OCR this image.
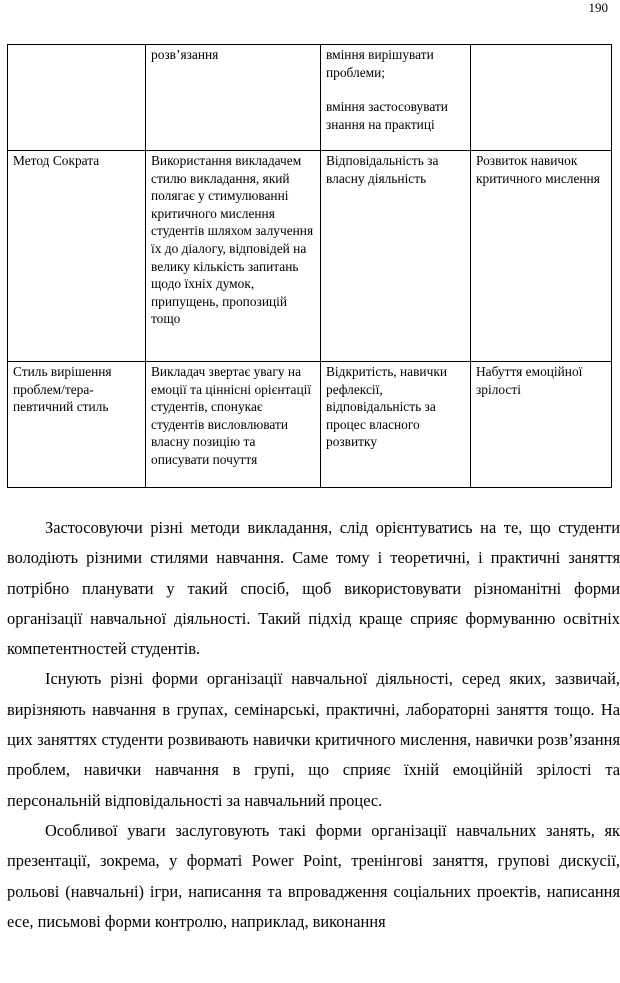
190

	розв’язання	вміння вирішувати проблеми;

вміння застосовувати знання на практиці	

Метод Сократа	Використання викладачем стилю викладання, який полягає у стимулюванні критичного мислення студентів шляхом залучення їх до діалогу, відповідей на велику кількість запитань щодо їхніх думок, припущень, пропозицій тощо	Відповідальність за власну діяльність	Розвиток навичок критичного мислення

Стиль вирішення проблем/тера-певтичний стиль	Викладач звертає увагу на емоції та ціннісні орієнтації студентів, спонукає студентів висловлювати власну позицію та описувати почуття	Відкритість, навички рефлексії, відповідальність за процес власного розвитку	Набуття емоційної зрілості

Застосовуючи різні методи викладання, слід орієнтуватись на те, що студенти володіють різними стилями навчання. Саме тому і теоретичні, і практичні заняття потрібно планувати у такий спосіб, щоб використовувати різноманітні форми організації навчальної діяльності. Такий підхід краще сприяє формуванню освітніх компетентностей студентів.

Існують різні форми організації навчальної діяльності, серед яких, зазвичай, вирізняють навчання в групах, семінарські, практичні, лабораторні заняття тощо. На цих заняттях студенти розвивають навички критичного мислення, навички розв’язання проблем, навички навчання в групі, що сприяє їхній емоційній зрілості та персональній відповідальності за навчальний процес.

Особливої уваги заслуговують такі форми організації навчальних занять, як презентації, зокрема, у форматі Power Point, тренінгові заняття, групові дискусії, рольові (навчальні) ігри, написання та впровадження соціальних проектів, написання есе, письмові форми контролю, наприклад, виконання
